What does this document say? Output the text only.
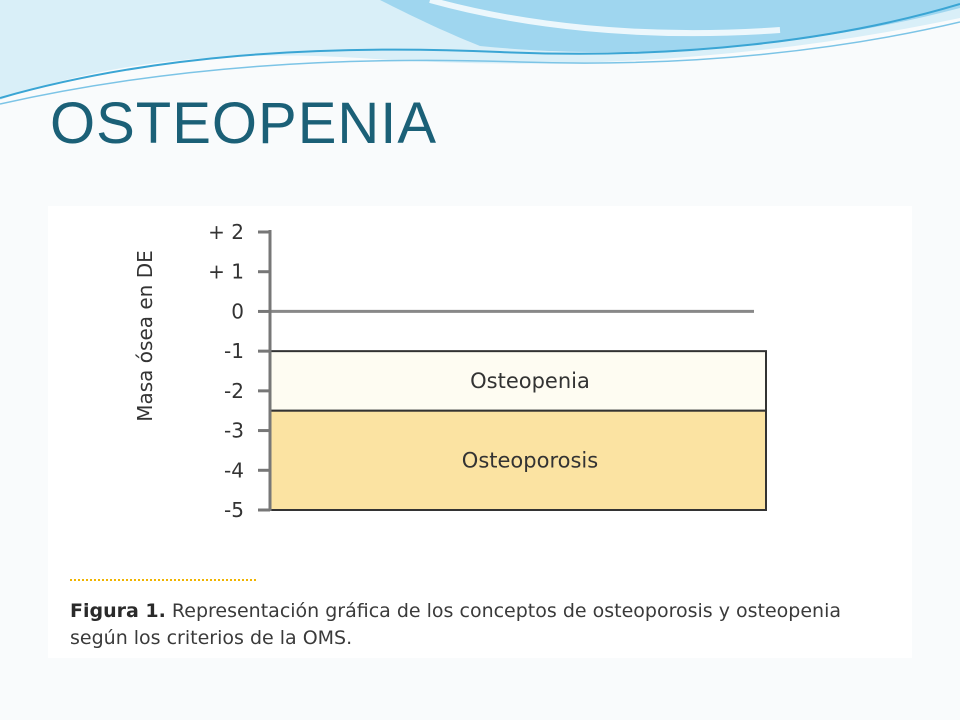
OSTEOPENIA
Osteopenia
Osteoporosis
+ 2
+ 1
0
-1
-2
-3
-4
-5
Masa ósea en DE
Figura 1. Representación gráfica de los conceptos de osteoporosis y osteopenia según los criterios de la OMS.
